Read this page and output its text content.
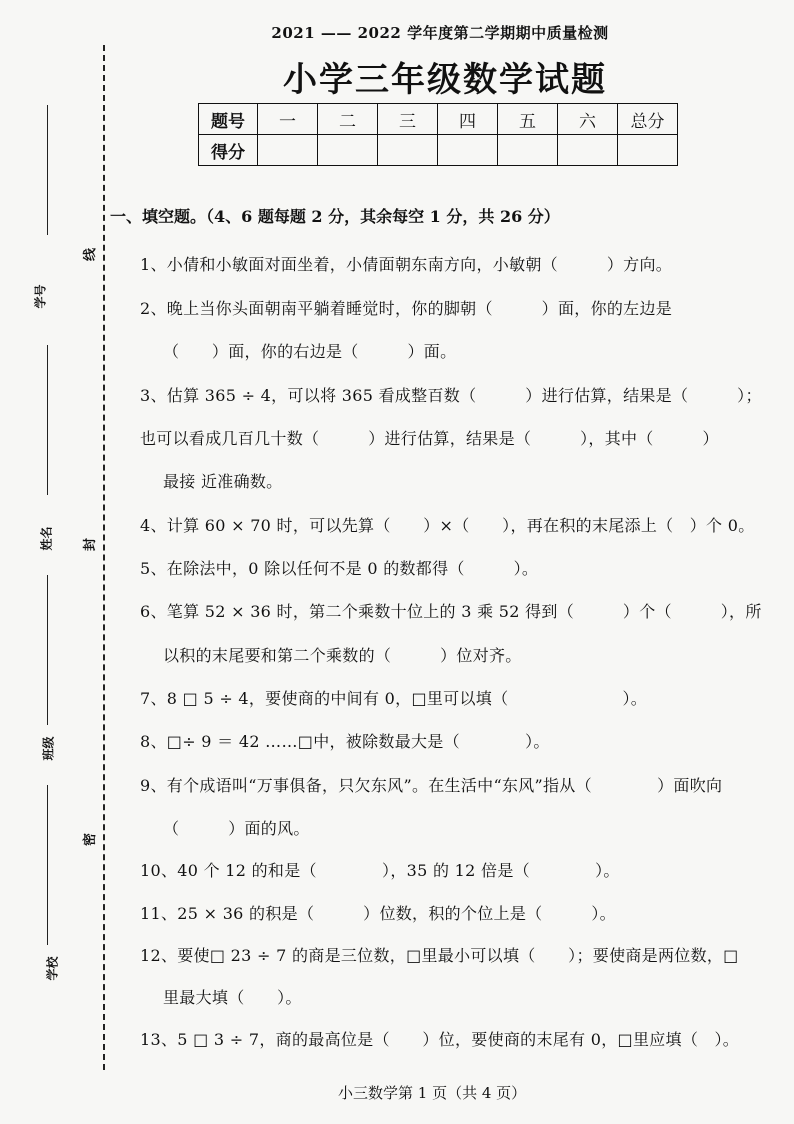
学号
姓名
班级
学校
线
封
密
2021 —— 2022 学年度第二学期期中质量检测
小学三年级数学试题
题号	一	二	三	四	五	六	总分
得分							
一、填空题。（4、6 题每题 2 分，其余每空 1 分，共 26 分）
1、小倩和小敏面对面坐着，小倩面朝东南方向，小敏朝（　　　）方向。
2、晚上当你头面朝南平躺着睡觉时，你的脚朝（　　　）面，你的左边是
（　　）面，你的右边是（　　　）面。
3、估算 365 ÷ 4，可以将 365 看成整百数（　　　）进行估算，结果是（　　　）；
也可以看成几百几十数（　　　）进行估算，结果是（　　　），其中（　　　）
最接 近准确数。
4、计算 60 × 70 时，可以先算（　　）×（　　），再在积的末尾添上（　）个 0。
5、在除法中，0 除以任何不是 0 的数都得（　　　）。
6、笔算 52 × 36 时，第二个乘数十位上的 3 乘 52 得到（　　　）个（　　　），所
以积的末尾要和第二个乘数的（　　　）位对齐。
7、8 □ 5 ÷ 4，要使商的中间有 0，□里可以填（　　　　　　　）。
8、□÷ 9 ＝ 42 ……□中，被除数最大是（　　　　）。
9、有个成语叫“万事俱备，只欠东风”。在生活中“东风”指从（　　　　）面吹向
（　　　）面的风。
10、40 个 12 的和是（　　　　），35 的 12 倍是（　　　　）。
11、25 × 36 的积是（　　　）位数，积的个位上是（　　　）。
12、要使□ 23 ÷ 7 的商是三位数，□里最小可以填（　　）；要使商是两位数，□
里最大填（　　）。
13、5 □ 3 ÷ 7，商的最高位是（　　）位，要使商的末尾有 0，□里应填（　）。
小三数学第 1 页（共 4 页）
